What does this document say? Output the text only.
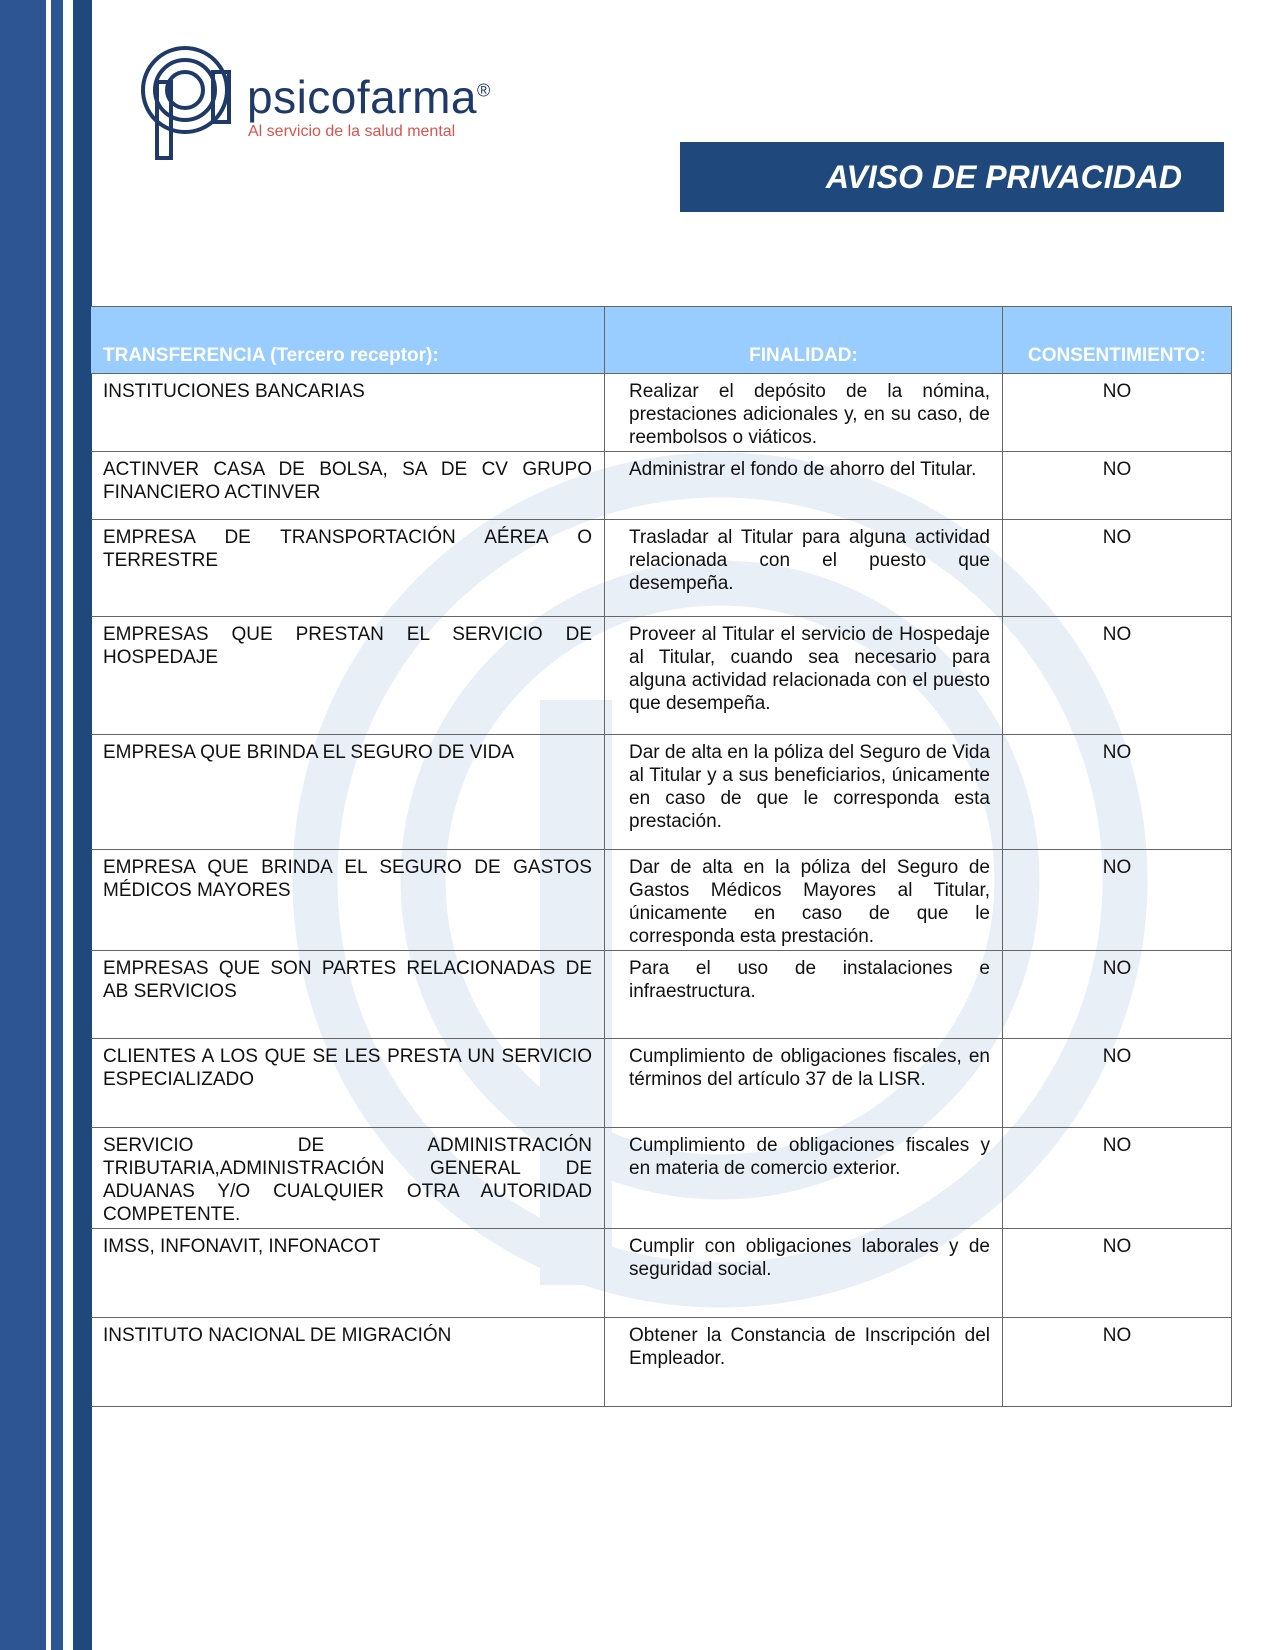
psicofarma®
Al servicio de la salud mental
AVISO DE PRIVACIDAD
TRANSFERENCIA (Tercero receptor):	FINALIDAD:	CONSENTIMIENTO:
INSTITUCIONES BANCARIAS	Realizar el depósito de la nómina, prestaciones adicionales y, en su caso, de reembolsos o viáticos.	NO
ACTINVER CASA DE BOLSA, SA DE CV GRUPO FINANCIERO ACTINVER	Administrar el fondo de ahorro del Titular.	NO
EMPRESA DE TRANSPORTACIÓN AÉREA O TERRESTRE	Trasladar al Titular para alguna actividad relacionada con el puesto que desempeña.	NO
EMPRESAS QUE PRESTAN EL SERVICIO DE HOSPEDAJE	Proveer al Titular el servicio de Hospedaje al Titular, cuando sea necesario para alguna actividad relacionada con el puesto que desempeña.	NO
EMPRESA QUE BRINDA EL SEGURO DE VIDA	Dar de alta en la póliza del Seguro de Vida al Titular y a sus beneficiarios, únicamente en caso de que le corresponda esta prestación.	NO
EMPRESA QUE BRINDA EL SEGURO DE GASTOS MÉDICOS MAYORES	Dar de alta en la póliza del Seguro de Gastos Médicos Mayores al Titular, únicamente en caso de que le corresponda esta prestación.	NO
EMPRESAS QUE SON PARTES RELACIONADAS DE AB SERVICIOS	Para el uso de instalaciones e infraestructura.	NO
CLIENTES A LOS QUE SE LES PRESTA UN SERVICIO ESPECIALIZADO	Cumplimiento de obligaciones fiscales, en términos del artículo 37 de la LISR.	NO
SERVICIO DE ADMINISTRACIÓN TRIBUTARIA,ADMINISTRACIÓN GENERAL DE ADUANAS Y/O CUALQUIER OTRA AUTORIDAD COMPETENTE.	Cumplimiento de obligaciones fiscales y en materia de comercio exterior.	NO
IMSS, INFONAVIT, INFONACOT	Cumplir con obligaciones laborales y de seguridad social.	NO
INSTITUTO NACIONAL DE MIGRACIÓN	Obtener la Constancia de Inscripción del Empleador.	NO
